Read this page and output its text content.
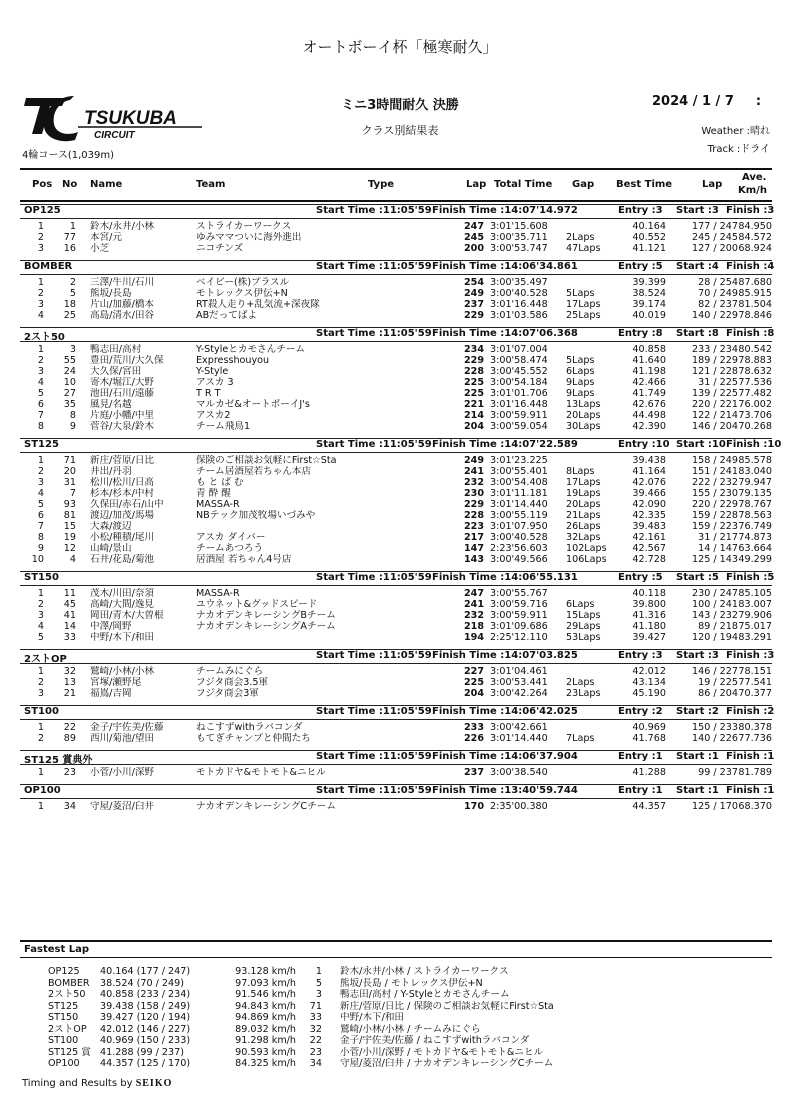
オートボーイ杯「極寒耐久」
TSUKUBA
CIRCUIT
4輪コース(1,039m)
ミニ3時間耐久 決勝
クラス別結果表
2024 / 1 / 7 :
Weather :晴れ
Track :ドライ
Pos No Name	Team	Type	Lap Total Time Gap Best Time	Lap
Ave.
Km/h
OP125	Start Time :11:05'59 Finish Time :14:07'14.972	Entry :3 Start :3 Finish :3
1	1 鈴木/永井/小林	ストライカーワークス	247 3:01'15.608	40.164	177 / 247 84.950
2	77 本宮/元	ゆみママついに海外進出	245 3:00'35.711	2Laps	40.552	245 / 245 84.572
3	16 小芝	ニコチンズ	200 3:00'53.747	47Laps	41.121	127 / 200 68.924
BOMBER	Start Time :11:05'59 Finish Time :14:06'34.861	Entry :5 Start :4 Finish :4
1	2 三澤/牛川/石川	ベイビー(株)プラスル	254 3:00'35.497	39.399	28 / 254 87.680
2	5 熊坂/長島	モトレックス伊伝+N	249 3:00'40.528	5Laps	38.524	70 / 249 85.915
3	18 片山/加藤/橋本	RT殺人走り+乱気流+深夜隊	237 3:01'16.448	17Laps	39.174	82 / 237 81.504
4	25 高島/清水/田谷	ABだってばよ	229 3:01'03.586	25Laps	40.019	140 / 229 78.846
2スト50	Start Time :11:05'59 Finish Time :14:07'06.368	Entry :8 Start :8 Finish :8
1	3 鴨志田/高村	Y-Styleとカモさんチーム	234 3:01'07.004	40.858	233 / 234 80.542
2	55 豊田/荒川/大久保	Expresshouyou	229 3:00'58.474	5Laps	41.640	189 / 229 78.883
3	24 大久保/宮田	Y-Style	228 3:00'45.552	6Laps	41.198	121 / 228 78.632
4	10 寄木/堀江/大野	アスカ 3	225 3:00'54.184	9Laps	42.466	31 / 225 77.536
5	27 池田/石川/遠藤	T R T	225 3:01'01.706	9Laps	41.749	139 / 225 77.482
6	35 風見/名越	マルカゼ&オートボーイJ's	221 3:01'16.448	13Laps	42.676	220 / 221 76.002
7	8 片庭/小幡/中里	アスカ2	214 3:00'59.911	20Laps	44.498	122 / 214 73.706
8	9 菅谷/大泉/鈴木	チーム飛鳥1	204 3:00'59.054	30Laps	42.390	146 / 204 70.268
ST125	Start Time :11:05'59 Finish Time :14:07'22.589	Entry :10 Start :10 Finish :10
1	71 新庄/菅原/日比	保険のご相談お気軽にFirst☆Sta	249 3:01'23.225	39.438	158 / 249 85.578
2	20 井出/丹羽	チーム居酒屋若ちゃん本店	241 3:00'55.401	8Laps	41.164	151 / 241 83.040
3	31 松川/松川/日高	も と ば む	232 3:00'54.408	17Laps	42.076	222 / 232 79.947
4	7 杉本/杉本/中村	青 酔 醒	230 3:01'11.181	19Laps	39.466	155 / 230 79.135
5	93 久保田/赤石/山中	MASSA-R	229 3:01'14.440	20Laps	42.090	220 / 229 78.767
6	81 渡辺/加茂/馬場	NBテック加茂牧場いづみや	228 3:00'55.119	21Laps	42.335	159 / 228 78.563
7	15 大森/渡辺	223 3:01'07.950	26Laps	39.483	159 / 223 76.749
8	19 小松/種積/尾川	アスカ ダイバー	217 3:00'40.528	32Laps	42.161	31 / 217 74.873
9	12 山崎/景山	チームあつろう	147 2:23'56.603	102Laps	42.567	14 / 147 63.664
10	4 石井/花島/菊池	居酒屋 若ちゃん4号店	143 3:00'49.566	106Laps	42.728	125 / 143 49.299
ST150	Start Time :11:05'59 Finish Time :14:06'55.131	Entry :5 Start :5 Finish :5
1	11 茂木/川田/奈須	MASSA-R	247 3:00'55.767	40.118	230 / 247 85.105
2	45 高崎/大間/逸見	ユウネット&グッドスピード	241 3:00'59.716	6Laps	39.800	100 / 241 83.007
3	41 岡田/青木/大曽根	ナカオデンキレーシングBチーム	232 3:00'59.911	15Laps	41.316	143 / 232 79.906
4	14 中澤/岡野	ナカオデンキレーシングAチーム	218 3:01'09.686	29Laps	41.180	89 / 218 75.017
5	33 中野/木下/和田	194 2:25'12.110	53Laps	39.427	120 / 194 83.291
2ストOP	Start Time :11:05'59 Finish Time :14:07'03.825	Entry :3 Start :3 Finish :3
1	32 鷲崎/小林/小林	チームみにぐら	227 3:01'04.461	42.012	146 / 227 78.151
2	13 宮塚/瀬野尾	フジタ商会3.5軍	225 3:00'53.441	2Laps	43.134	19 / 225 77.541
3	21 福嶌/吉岡	フジタ商会3軍	204 3:00'42.264	23Laps	45.190	86 / 204 70.377
ST100	Start Time :11:05'59 Finish Time :14:06'42.025	Entry :2 Start :2 Finish :2
1	22 金子/宇佐美/佐藤	ねこすずwithラバコンダ	233 3:00'42.661	40.969	150 / 233 80.378
2	89 西川/菊池/望田	もてぎチャンプと仲間たち	226 3:01'14.440	7Laps	41.768	140 / 226 77.736
ST125 賞典外	Start Time :11:05'59 Finish Time :14:06'37.904	Entry :1 Start :1 Finish :1
1	23 小菅/小川/深野	モトカドヤ&モトモト&ニヒル	237 3:00'38.540	41.288	99 / 237 81.789
OP100	Start Time :11:05'59 Finish Time :13:40'59.744	Entry :1 Start :1 Finish :1
1	34 守屋/菱沼/臼井	ナカオデンキレーシングCチーム	170 2:35'00.380	44.357	125 / 170 68.370
Fastest Lap
OP125	40.164 (177 / 247)	93.128 km/h	1 鈴木/永井/小林 / ストライカーワークス
BOMBER	38.524 (70 / 249)	97.093 km/h	5 熊坂/長島 / モトレックス伊伝+N
2スト50	40.858 (233 / 234)	91.546 km/h	3 鴨志田/高村 / Y-Styleとカモさんチーム
ST125	39.438 (158 / 249)	94.843 km/h	71 新庄/菅原/日比 / 保険のご相談お気軽にFirst☆Sta
ST150	39.427 (120 / 194)	94.869 km/h	33 中野/木下/和田
2ストOP	42.012 (146 / 227)	89.032 km/h	32 鷲崎/小林/小林 / チームみにぐら
ST100	40.969 (150 / 233)	91.298 km/h	22 金子/宇佐美/佐藤 / ねこすずwithラバコンダ
ST125 賞 41.288 (99 / 237)	90.593 km/h	23 小菅/小川/深野 / モトカドヤ&モトモト&ニヒル
OP100	44.357 (125 / 170)	84.325 km/h	34 守屋/菱沼/臼井 / ナカオデンキレーシングCチーム
Timing and Results by SEIKO
